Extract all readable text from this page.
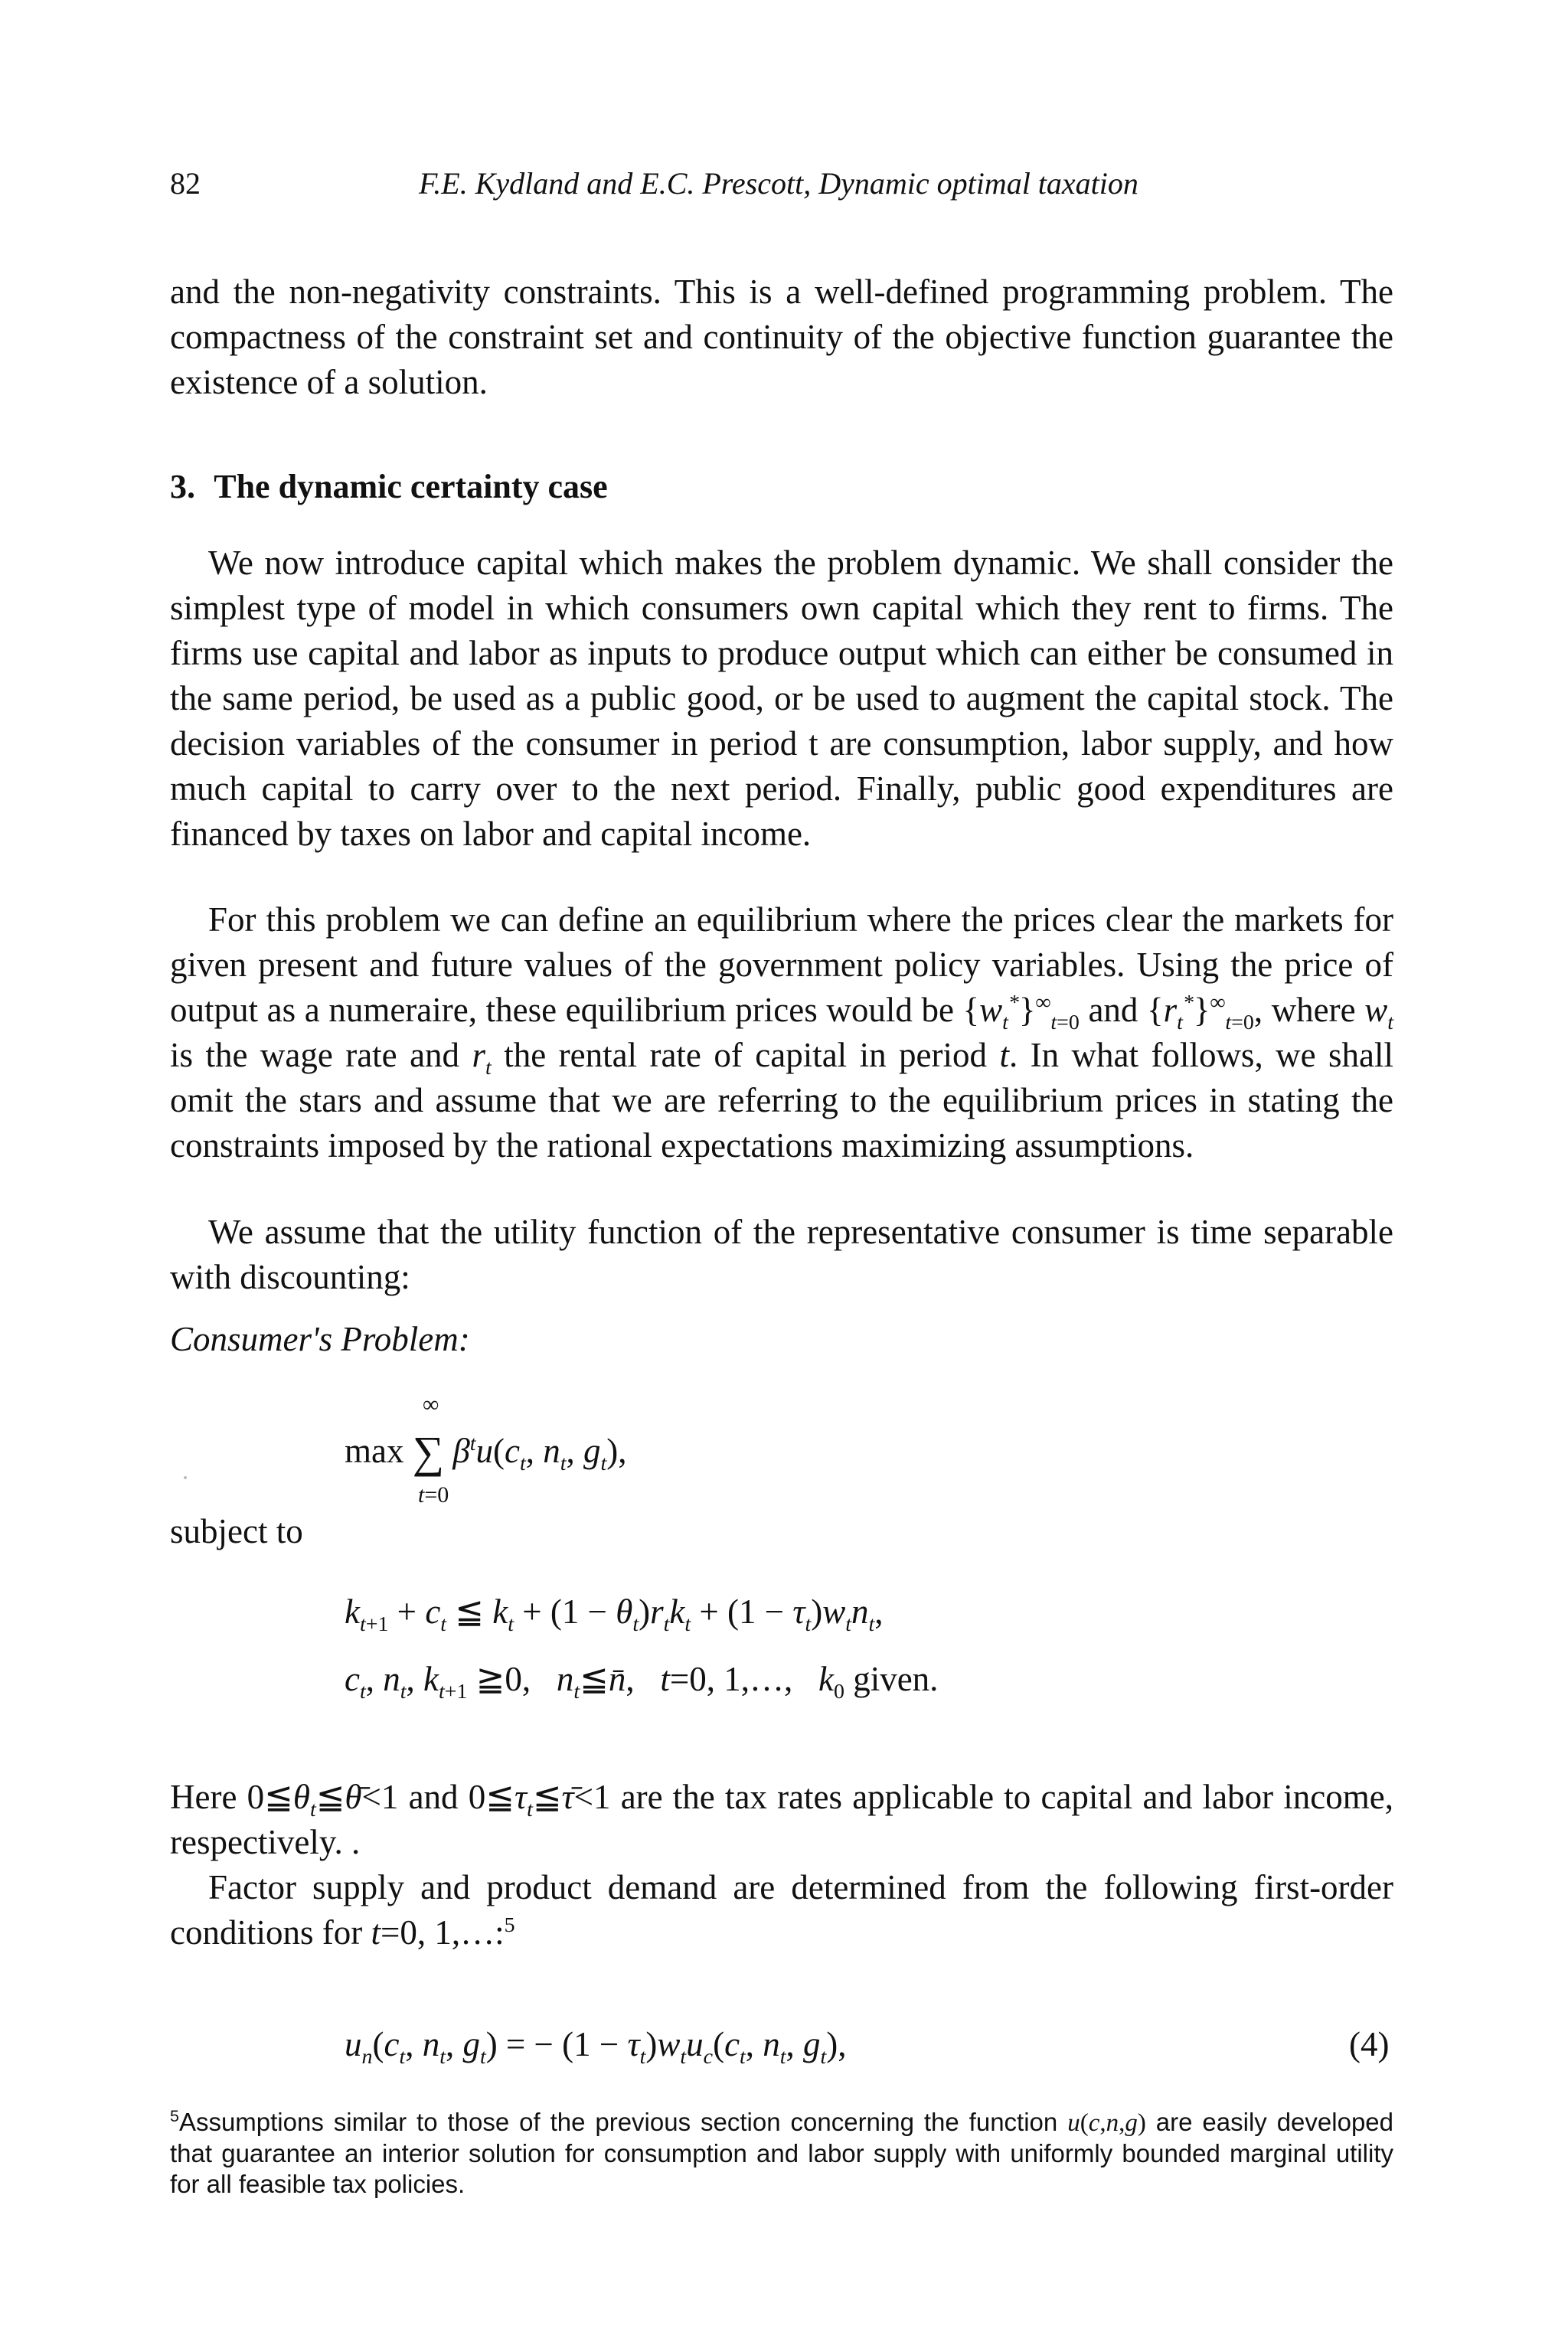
82	F.E. Kydland and E.C. Prescott, Dynamic optimal taxation
and the non-negativity constraints. This is a well-defined programming problem. The compactness of the constraint set and continuity of the objective function guarantee the existence of a solution.
3. The dynamic certainty case
We now introduce capital which makes the problem dynamic. We shall consider the simplest type of model in which consumers own capital which they rent to firms. The firms use capital and labor as inputs to produce output which can either be consumed in the same period, be used as a public good, or be used to augment the capital stock. The decision variables of the consumer in period t are consumption, labor supply, and how much capital to carry over to the next period. Finally, public good expenditures are financed by taxes on labor and capital income.
For this problem we can define an equilibrium where the prices clear the markets for given present and future values of the government policy variables. Using the price of output as a numeraire, these equilibrium prices would be $\{w_t^*\}^\infty_{t=0}$ and $\{r_t^*\}^\infty_{t=0}$, where $w_t$ is the wage rate and $r_t$ the rental rate of capital in period t. In what follows, we shall omit the stars and assume that we are referring to the equilibrium prices in stating the constraints imposed by the rational expectations maximizing assumptions.
We assume that the utility function of the representative consumer is time separable with discounting:
Consumer's Problem:
∞
max ∑ $\beta^tu(c_t$, $n_t$, $g_t$),
t=0
subject to
$k_{t+1} + c_t$ ≦ $k_t + (1 - \theta_t)r_tk_t + (1 - \tau_t)w_tn_t$,
$c_t$, $n_t$, $k_{t+1}$ ≧0,   $n_t≦n̄$,   t=0, 1,…,   $k_0$ given.
Here $0≦\theta_t≦\thetā<1$ and $0≦\tau_t≦\taū<1$ are the tax rates applicable to capital and labor income, respectively. .
Factor supply and product demand are determined from the following first-order conditions for t=0, 1,…:$^5$
$u_n(c_t$, $n_t$, $g_t$) = − $(1 - \tau_t)w_tu_c(c_t$, $n_t$, $g_t$),	(4)
$^5$Assumptions similar to those of the previous section concerning the function u(c,n,g) are easily developed that guarantee an interior solution for consumption and labor supply with uniformly bounded marginal utility for all feasible tax policies.
